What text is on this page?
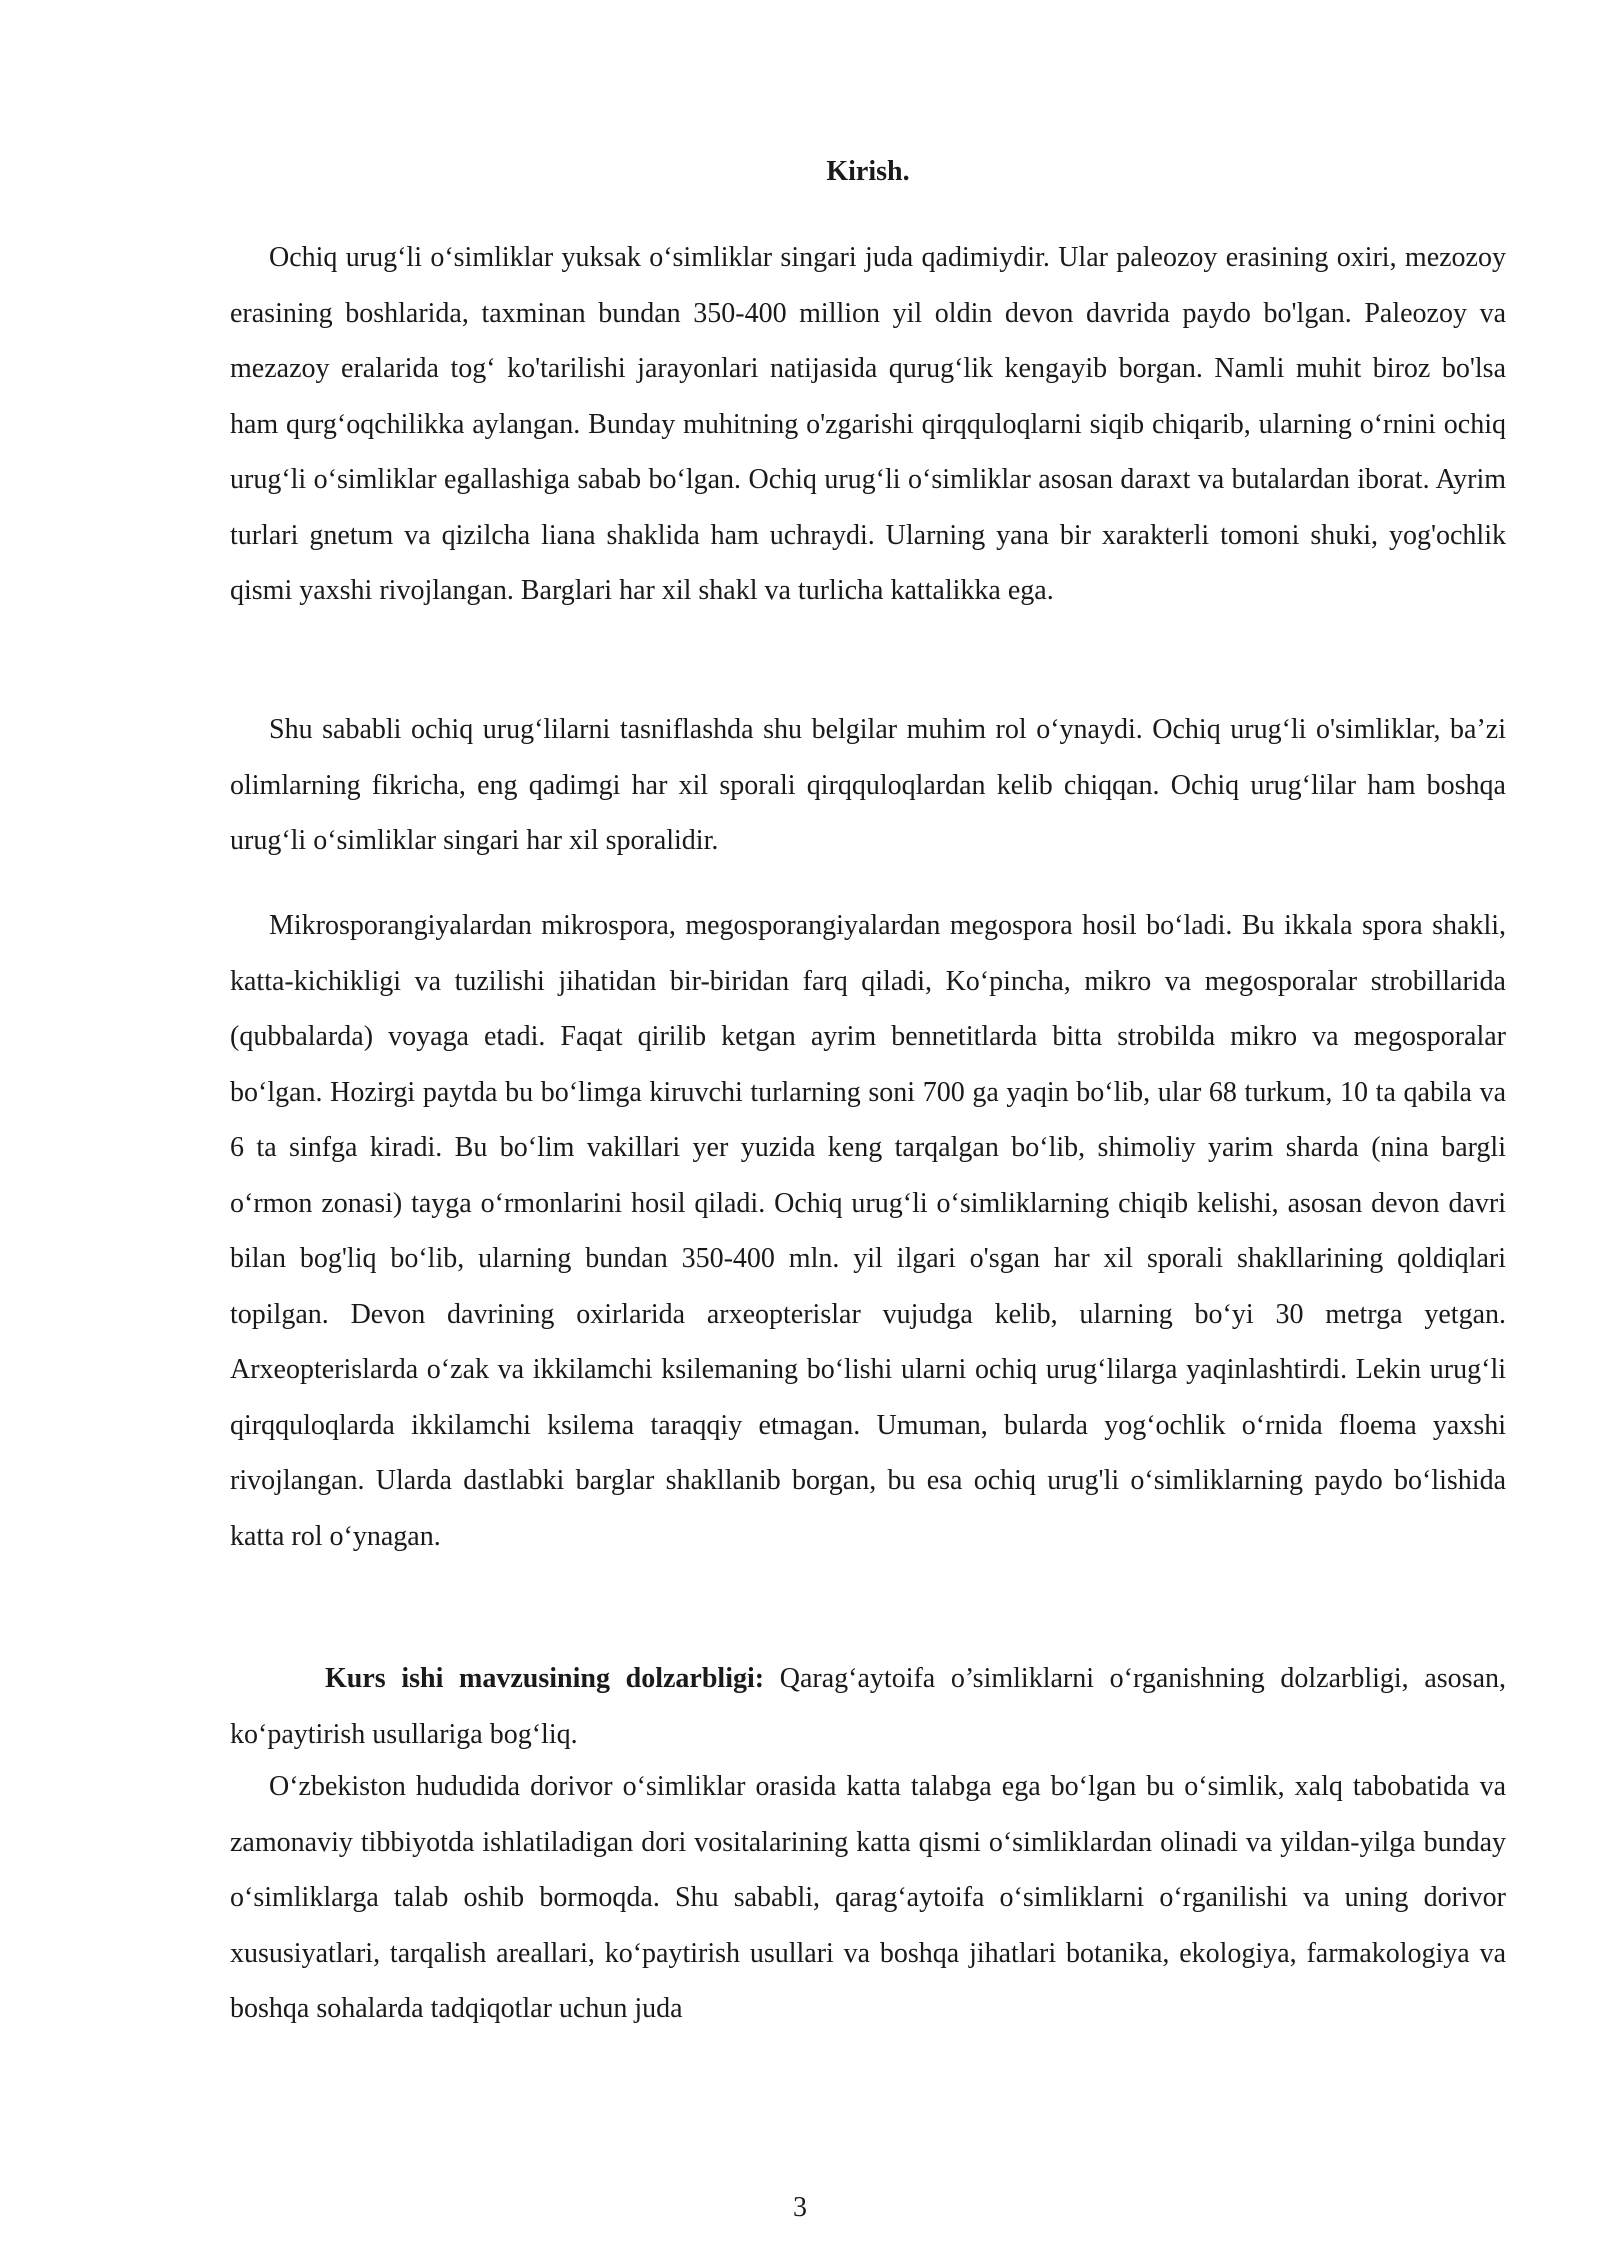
Kirish.

Ochiq urug‘li o‘simliklar yuksak o‘simliklar singari juda qadimiydir. Ular paleozoy erasining oxiri, mezozoy erasining boshlarida, taxminan bundan 350-400 million yil oldin devon davrida paydo bo'lgan. Paleozoy va mezazoy eralarida tog‘ ko'tarilishi jarayonlari natijasida qurug‘lik kengayib borgan. Namli muhit biroz bo'lsa ham qurg‘oqchilikka aylangan. Bunday muhitning o'zgarishi qirqquloqlarni siqib chiqarib, ularning o‘rnini ochiq urug‘li o‘simliklar egallashiga sabab bo‘lgan. Ochiq urug‘li o‘simliklar asosan daraxt va butalardan iborat. Ayrim turlari gnetum va qizilcha liana shaklida ham uchraydi. Ularning yana bir xarakterli tomoni shuki, yog'ochlik qismi yaxshi rivojlangan. Barglari har xil shakl va turlicha kattalikka ega.

Shu sababli ochiq urug‘lilarni tasniflashda shu belgilar muhim rol o‘ynaydi. Ochiq urug‘li o'simliklar, ba’zi olimlarning fikricha, eng qadimgi har xil sporali qirqquloqlardan kelib chiqqan. Ochiq urug‘lilar ham boshqa urug‘li o‘simliklar singari har xil sporalidir.

Mikrosporangiyalardan mikrospora, megosporangiyalardan megospora hosil bo‘ladi. Bu ikkala spora shakli, katta-kichikligi va tuzilishi jihatidan bir-biridan farq qiladi, Ko‘pincha, mikro va megosporalar strobillarida (qubbalarda) voyaga etadi. Faqat qirilib ketgan ayrim bennetitlarda bitta strobilda mikro va megosporalar bo‘lgan. Hozirgi paytda bu bo‘limga kiruvchi turlarning soni 700 ga yaqin bo‘lib, ular 68 turkum, 10 ta qabila va 6 ta sinfga kiradi. Bu bo‘lim vakillari yer yuzida keng tarqalgan bo‘lib, shimoliy yarim sharda (nina bargli o‘rmon zonasi) tayga o‘rmonlarini hosil qiladi. Ochiq urug‘li o‘simliklarning chiqib kelishi, asosan devon davri bilan bog'liq bo‘lib, ularning bundan 350-400 mln. yil ilgari o'sgan har xil sporali shakllarining qoldiqlari topilgan. Devon davrining oxirlarida arxeopterislar vujudga kelib, ularning bo‘yi 30 metrga yetgan. Arxeopterislarda o‘zak va ikkilamchi ksilemaning bo‘lishi ularni ochiq urug‘lilarga yaqinlashtirdi. Lekin urug‘li qirqquloqlarda ikkilamchi ksilema taraqqiy etmagan. Umuman, bularda yog‘ochlik o‘rnida floema yaxshi rivojlangan. Ularda dastlabki barglar shakllanib borgan, bu esa ochiq urug'li o‘simliklarning paydo bo‘lishida katta rol o‘ynagan.

Kurs ishi mavzusining dolzarbligi: Qarag‘aytoifa o’simliklarni o‘rganishning dolzarbligi, asosan, ko‘paytirish usullariga bog‘liq.

O‘zbekiston hududida dorivor o‘simliklar orasida katta talabga ega bo‘lgan bu o‘simlik, xalq tabobatida va zamonaviy tibbiyotda ishlatiladigan dori vositalarining katta qismi o‘simliklardan olinadi va yildan-yilga bunday o‘simliklarga talab oshib bormoqda. Shu sababli, qarag‘aytoifa o‘simliklarni o‘rganilishi va uning dorivor xususiyatlari, tarqalish areallari, ko‘paytirish usullari va boshqa jihatlari botanika, ekologiya, farmakologiya va boshqa sohalarda tadqiqotlar uchun juda

3
